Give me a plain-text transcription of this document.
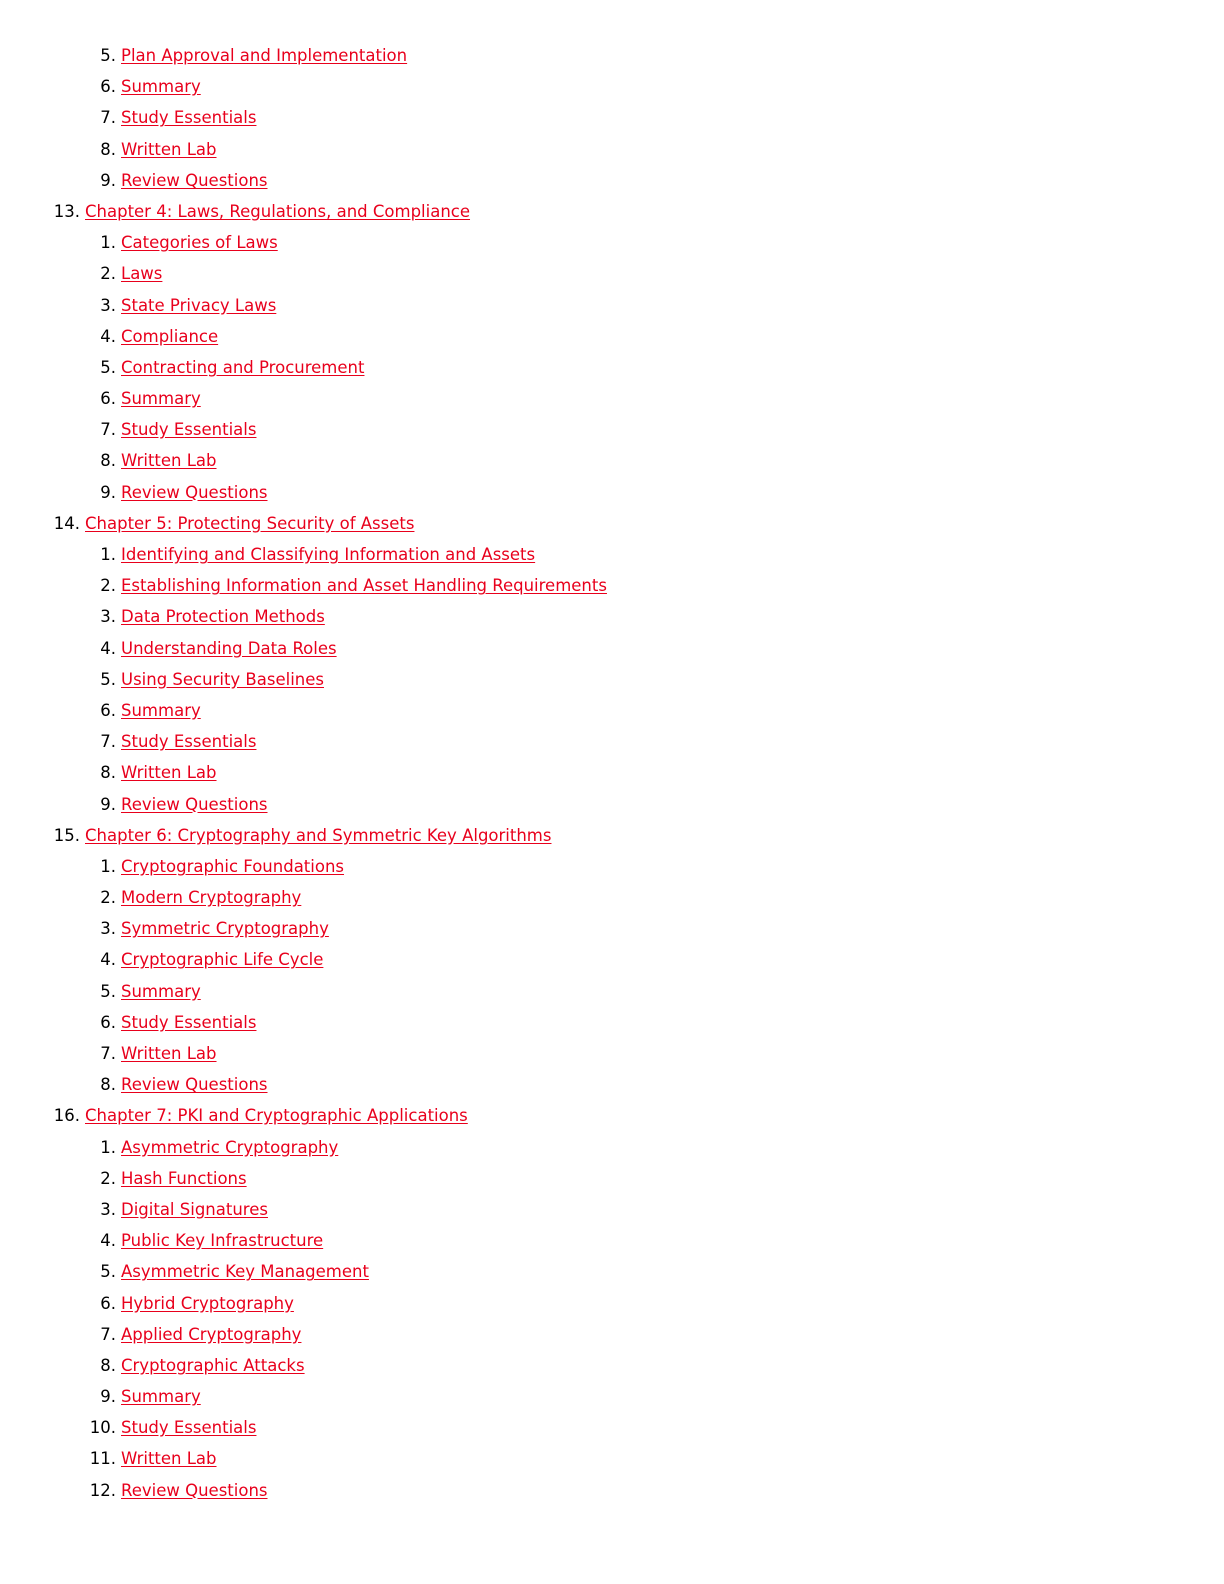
5. Plan Approval and Implementation
6. Summary
7. Study Essentials
8. Written Lab
9. Review Questions
13. Chapter 4: Laws, Regulations, and Compliance
1. Categories of Laws
2. Laws
3. State Privacy Laws
4. Compliance
5. Contracting and Procurement
6. Summary
7. Study Essentials
8. Written Lab
9. Review Questions
14. Chapter 5: Protecting Security of Assets
1. Identifying and Classifying Information and Assets
2. Establishing Information and Asset Handling Requirements
3. Data Protection Methods
4. Understanding Data Roles
5. Using Security Baselines
6. Summary
7. Study Essentials
8. Written Lab
9. Review Questions
15. Chapter 6: Cryptography and Symmetric Key Algorithms
1. Cryptographic Foundations
2. Modern Cryptography
3. Symmetric Cryptography
4. Cryptographic Life Cycle
5. Summary
6. Study Essentials
7. Written Lab
8. Review Questions
16. Chapter 7: PKI and Cryptographic Applications
1. Asymmetric Cryptography
2. Hash Functions
3. Digital Signatures
4. Public Key Infrastructure
5. Asymmetric Key Management
6. Hybrid Cryptography
7. Applied Cryptography
8. Cryptographic Attacks
9. Summary
10. Study Essentials
11. Written Lab
12. Review Questions
